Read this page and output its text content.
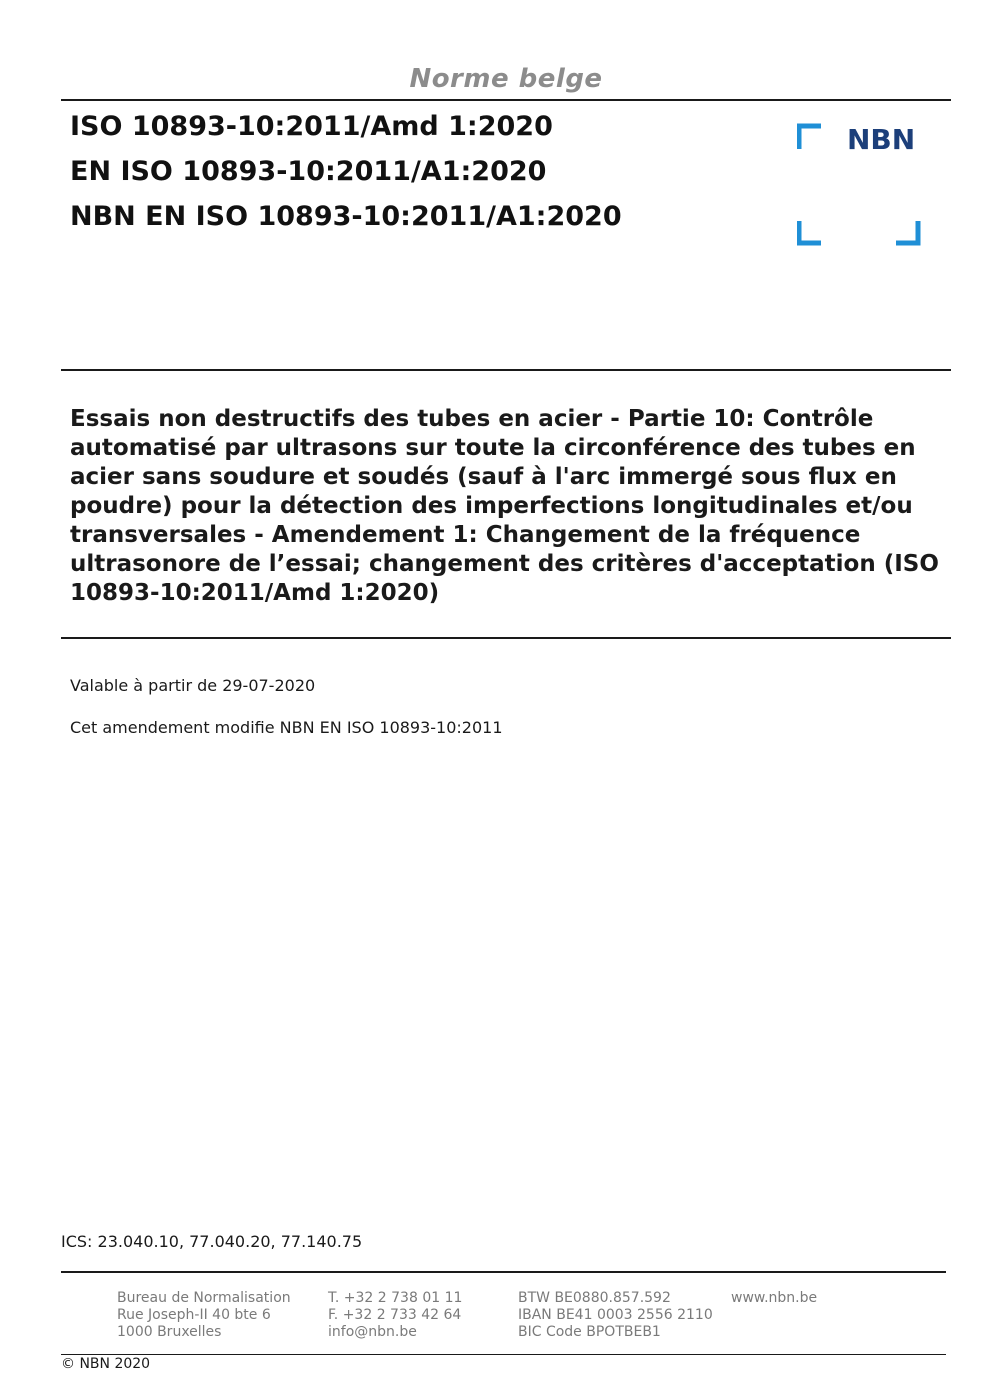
Norme belge
ISO 10893-10:2011/Amd 1:2020
EN ISO 10893-10:2011/A1:2020
NBN EN ISO 10893-10:2011/A1:2020
NBN
Essais non destructifs des tubes en acier - Partie 10: Contrôle automatisé par ultrasons sur toute la circonférence des tubes en acier sans soudure et soudés (sauf à l'arc immergé sous flux en poudre) pour la détection des imperfections longitudinales et/ou transversales - Amendement 1: Changement de la fréquence ultrasonore de l’essai; changement des critères d'acceptation (ISO 10893-10:2011/Amd 1:2020)
Valable à partir de 29-07-2020
Cet amendement modifie NBN EN ISO 10893-10:2011
ICS: 23.040.10, 77.040.20, 77.140.75
Bureau de Normalisation
Rue Joseph-II 40 bte 6
1000 Bruxelles
T. +32 2 738 01 11
F. +32 2 733 42 64
info@nbn.be
BTW BE0880.857.592
IBAN BE41 0003 2556 2110
BIC Code BPOTBEB1
www.nbn.be
© NBN 2020
